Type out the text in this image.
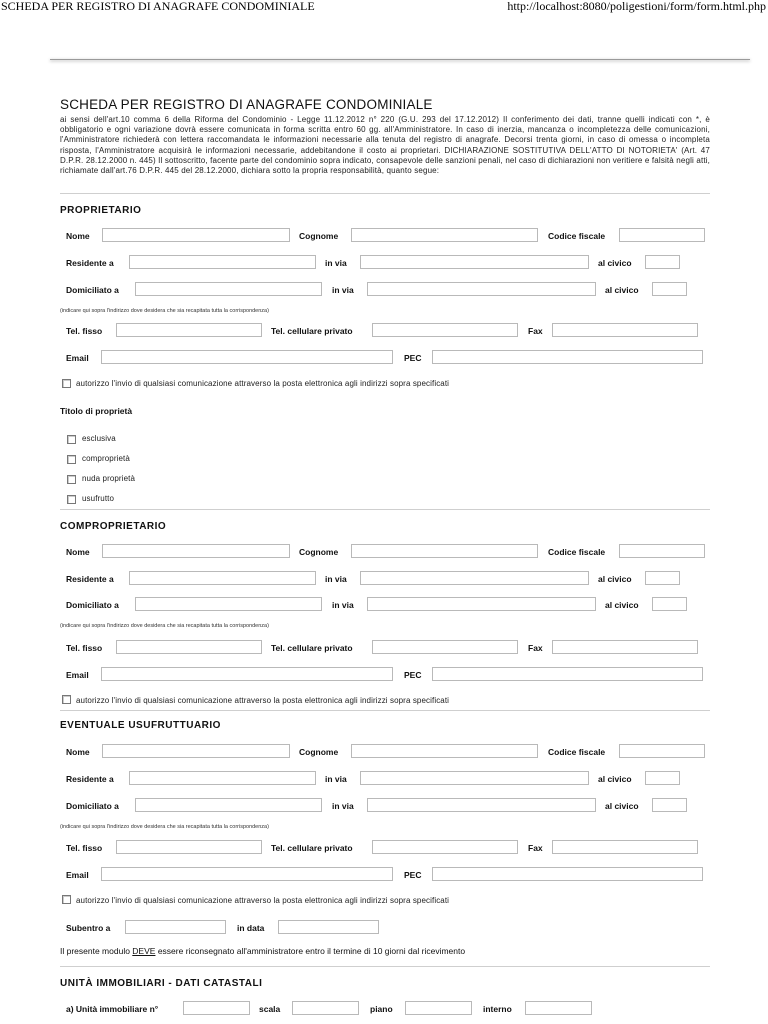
SCHEDA PER REGISTRO DI ANAGRAFE CONDOMINIALE	http://localhost:8080/poligestioni/form/form.html.php
SCHEDA PER REGISTRO DI ANAGRAFE CONDOMINIALE
ai sensi dell'art.10 comma 6 della Riforma del Condominio - Legge 11.12.2012 n° 220 (G.U. 293 del 17.12.2012) Il conferimento dei dati, tranne quelli indicati con *, è obbligatorio e ogni variazione dovrà essere comunicata in forma scritta entro 60 gg. all'Amministratore. In caso di inerzia, mancanza o incompletezza delle comunicazioni, l'Amministratore richiederà con lettera raccomandata le informazioni necessarie alla tenuta del registro di anagrafe. Decorsi trenta giorni, in caso di omessa o incompleta risposta, l'Amministratore acquisirà le informazioni necessarie, addebitandone il costo ai proprietari. DICHIARAZIONE SOSTITUTIVA DELL'ATTO DI NOTORIETA' (Art. 47 D.P.R. 28.12.2000 n. 445) Il sottoscritto, facente parte del condominio sopra indicato, consapevole delle sanzioni penali, nel caso di dichiarazioni non veritiere e falsità negli atti, richiamate dall'art.76 D.P.R. 445 del 28.12.2000, dichiara sotto la propria responsabilità, quanto segue:
PROPRIETARIO
Nome	Cognome	Codice fiscale
Residente a	in via	al civico
Domiciliato a	in via	al civico
(indicare qui sopra l'indirizzo dove desidera che sia recapitata tutta la corrispondenza)
Tel. fisso	Tel. cellulare privato	Fax
Email	PEC
autorizzo l'invio di qualsiasi comunicazione attraverso la posta elettronica agli indirizzi sopra specificati
Titolo di proprietà
esclusiva
comproprietà
nuda proprietà
usufrutto
COMPROPRIETARIO
Nome	Cognome	Codice fiscale
Residente a	in via	al civico
Domiciliato a	in via	al civico
(indicare qui sopra l'indirizzo dove desidera che sia recapitata tutta la corrispondenza)
Tel. fisso	Tel. cellulare privato	Fax
Email	PEC
autorizzo l'invio di qualsiasi comunicazione attraverso la posta elettronica agli indirizzi sopra specificati
EVENTUALE USUFRUTTUARIO
Nome	Cognome	Codice fiscale
Residente a	in via	al civico
Domiciliato a	in via	al civico
(indicare qui sopra l'indirizzo dove desidera che sia recapitata tutta la corrispondenza)
Tel. fisso	Tel. cellulare privato	Fax
Email	PEC
autorizzo l'invio di qualsiasi comunicazione attraverso la posta elettronica agli indirizzi sopra specificati
Subentro a	in data
Il presente modulo DEVE essere riconsegnato all'amministratore entro il termine di 10 giorni dal ricevimento
UNITÀ IMMOBILIARI - DATI CATASTALI
a) Unità immobiliare n°	scala	piano	interno
